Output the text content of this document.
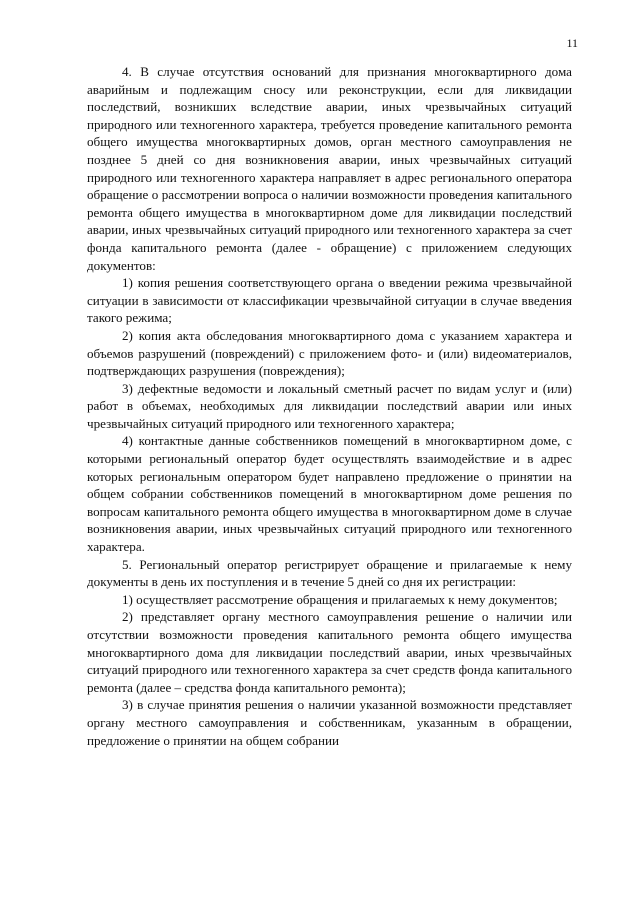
11

4. В случае отсутствия оснований для признания многоквартирного дома аварийным и подлежащим сносу или реконструкции, если для ликвидации последствий, возникших вследствие аварии, иных чрезвычайных ситуаций природного или техногенного характера, требуется проведение капитального ремонта общего имущества многоквартирных домов, орган местного самоуправления не позднее 5 дней со дня возникновения аварии, иных чрезвычайных ситуаций природного или техногенного характера направляет в адрес регионального оператора обращение о рассмотрении вопроса о наличии возможности проведения капитального ремонта общего имущества в многоквартирном доме для ликвидации последствий аварии, иных чрезвычайных ситуаций природного или техногенного характера за счет фонда капитального ремонта (далее - обращение) с приложением следующих документов:

1) копия решения соответствующего органа о введении режима чрезвычайной ситуации в зависимости от классификации чрезвычайной ситуации в случае введения такого режима;

2) копия акта обследования многоквартирного дома с указанием характера и объемов разрушений (повреждений) с приложением фото- и (или) видеоматериалов, подтверждающих разрушения (повреждения);

3) дефектные ведомости и локальный сметный расчет по видам услуг и (или) работ в объемах, необходимых для ликвидации последствий аварии или иных чрезвычайных ситуаций природного или техногенного характера;

4) контактные данные собственников помещений в многоквартирном доме, с которыми региональный оператор будет осуществлять взаимодействие и в адрес которых региональным оператором будет направлено предложение о принятии на общем собрании собственников помещений в многоквартирном доме решения по вопросам капитального ремонта общего имущества в многоквартирном доме в случае возникновения аварии, иных чрезвычайных ситуаций природного или техногенного характера.

5. Региональный оператор регистрирует обращение и прилагаемые к нему документы в день их поступления и в течение 5 дней со дня их регистрации:

1) осуществляет рассмотрение обращения и прилагаемых к нему документов;

2) представляет органу местного самоуправления решение о наличии или отсутствии возможности проведения капитального ремонта общего имущества многоквартирного дома для ликвидации последствий аварии, иных чрезвычайных ситуаций природного или техногенного характера за счет средств фонда капитального ремонта (далее – средства фонда капитального ремонта);

3) в случае принятия решения о наличии указанной возможности представляет органу местного самоуправления и собственникам, указанным в обращении, предложение о принятии на общем собрании
